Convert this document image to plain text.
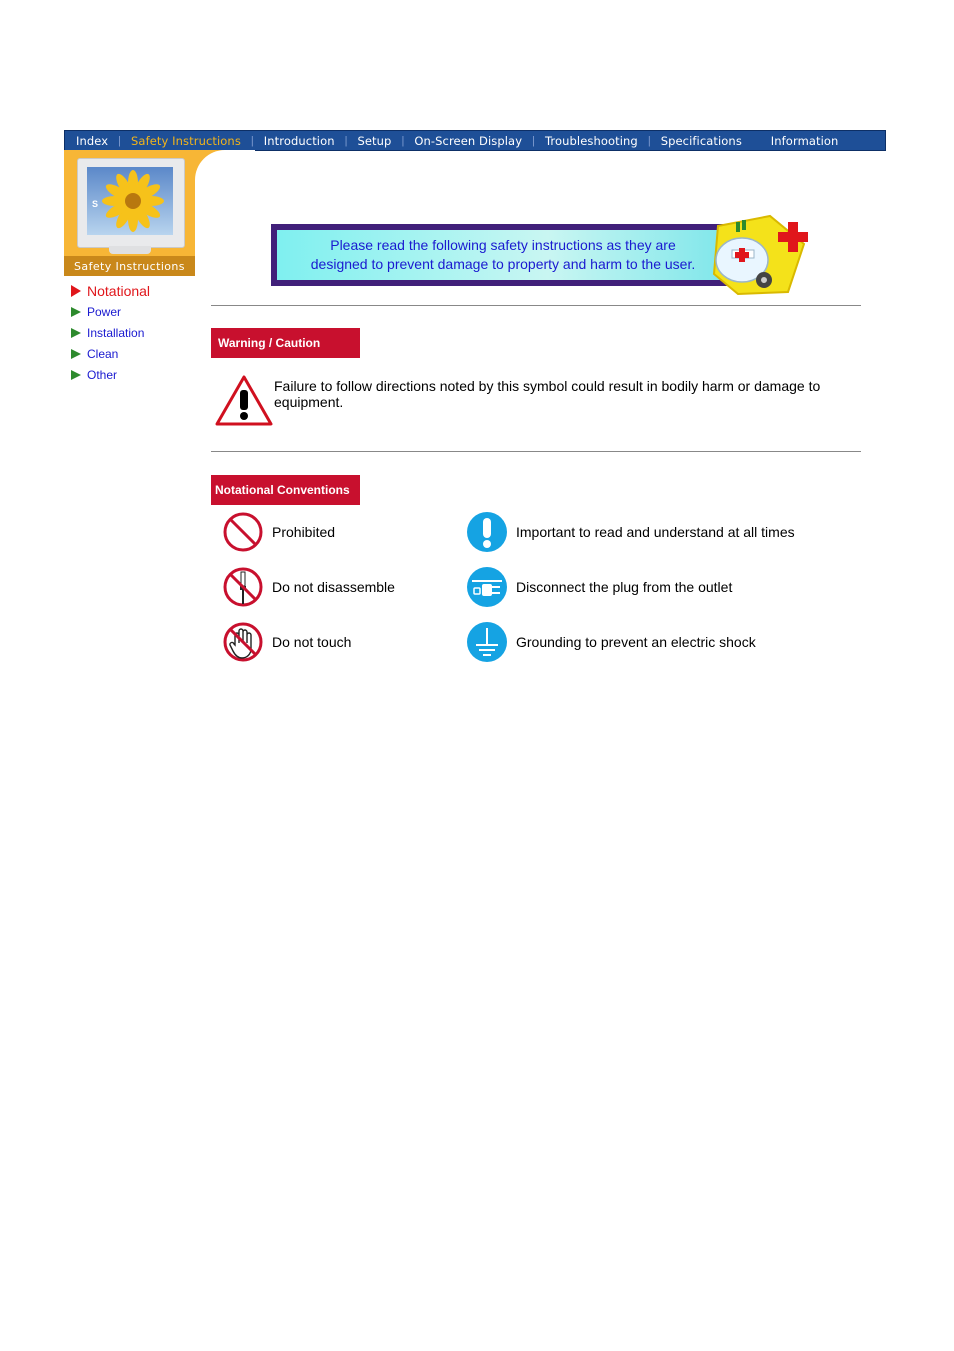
Index | Safety Instructions | Introduction | Setup | On-Screen Display | Troubleshooting | Specifications	Information
S
Safety Instructions
Notational
Power
Installation
Clean
Other
Please read the following safety instructions as they are
designed to prevent damage to property and harm to the user.
Warning / Caution
Failure to follow directions noted by this symbol could result in bodily harm or damage to equipment.
Notational Conventions
Prohibited	Important to read and understand at all times
Do not disassemble	Disconnect the plug from the outlet
Do not touch	Grounding to prevent an electric shock
